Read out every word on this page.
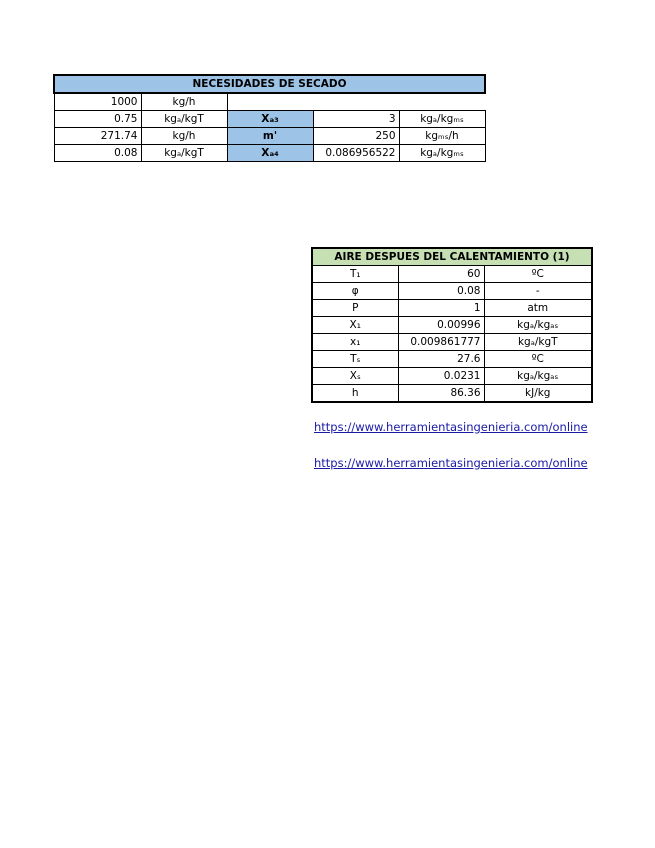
NECESIDADES DE SECADO				
1000	kg/h			
0.75	kgₐ/kgT	Xₐ₃	3	kgₐ/kgₘₛ
271.74	kg/h	m'	250	kgₘₛ/h
0.08	kgₐ/kgT	Xₐ₄	0.086956522	kgₐ/kgₘₛ
AIRE DESPUES DEL CALENTAMIENTO (1)		
T₁	60	ºC
φ	0.08	-
P	1	atm
X₁	0.00996	kgₐ/kgₐₛ
x₁	0.009861777	kgₐ/kgT
Tₛ	27.6	ºC
Xₛ	0.0231	kgₐ/kgₐₛ
h	86.36	kJ/kg
https://www.herramientasingenieria.com/online
https://www.herramientasingenieria.com/online
